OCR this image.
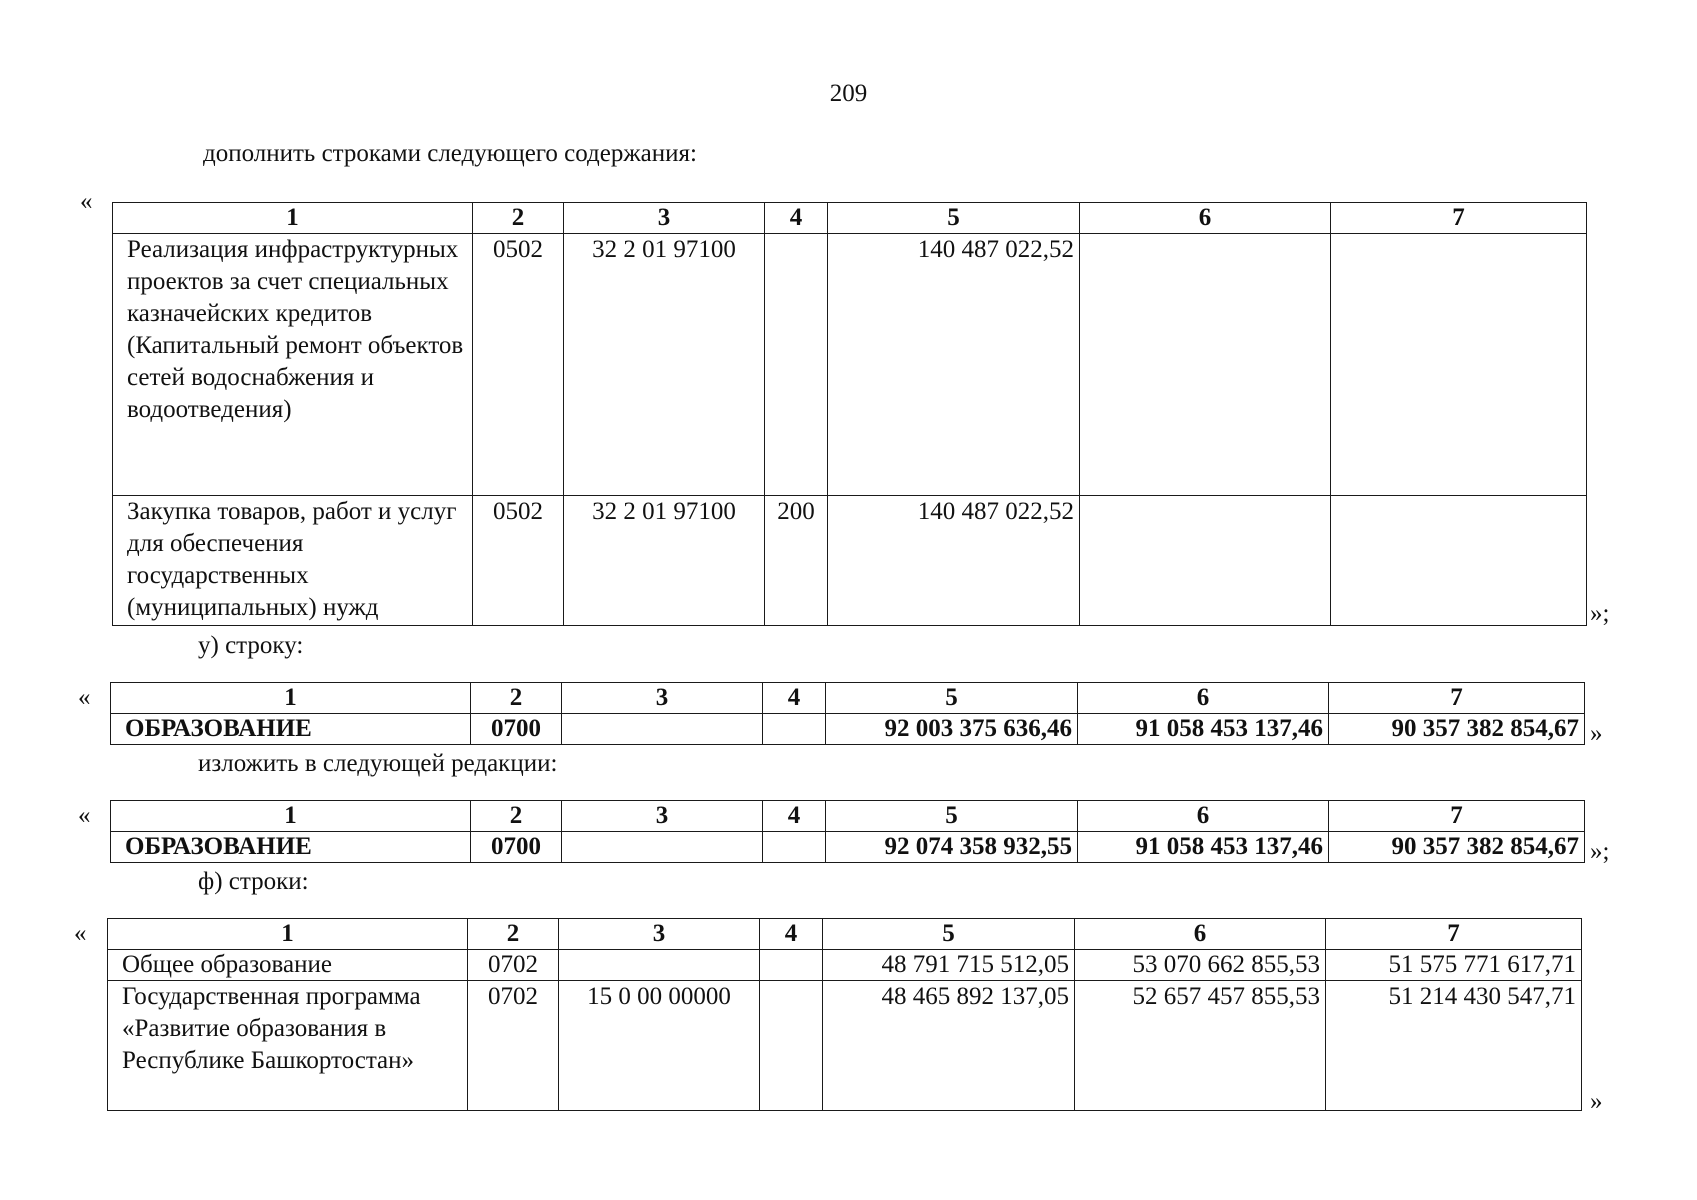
209
дополнить строками следующего содержания:
«
1	2	3	4	5	6	7
Реализация инфраструктурных проектов за счет специальных казначейских кредитов (Капитальный ремонт объектов сетей водоснабжения и водоотведения)	0502	32 2 01 97100		140 487 022,52		
Закупка товаров, работ и услуг для обеспечения государственных (муниципальных) нужд	0502	32 2 01 97100	200	140 487 022,52		
»;
у) строку:
«	1	2	3	4	5	6	7
ОБРАЗОВАНИЕ	0700			92 003 375 636,46	91 058 453 137,46	90 357 382 854,67 »
изложить в следующей редакции:
«	1	2	3	4	5	6	7
ОБРАЗОВАНИЕ	0700			92 074 358 932,55	91 058 453 137,46	90 357 382 854,67 »;
ф) строки:
«	1	2	3	4	5	6	7
Общее образование	0702			48 791 715 512,05	53 070 662 855,53	51 575 771 617,71
Государственная программа «Развитие образования в Республике Башкортостан»	0702	15 0 00 00000		48 465 892 137,05	52 657 457 855,53	51 214 430 547,71
»
